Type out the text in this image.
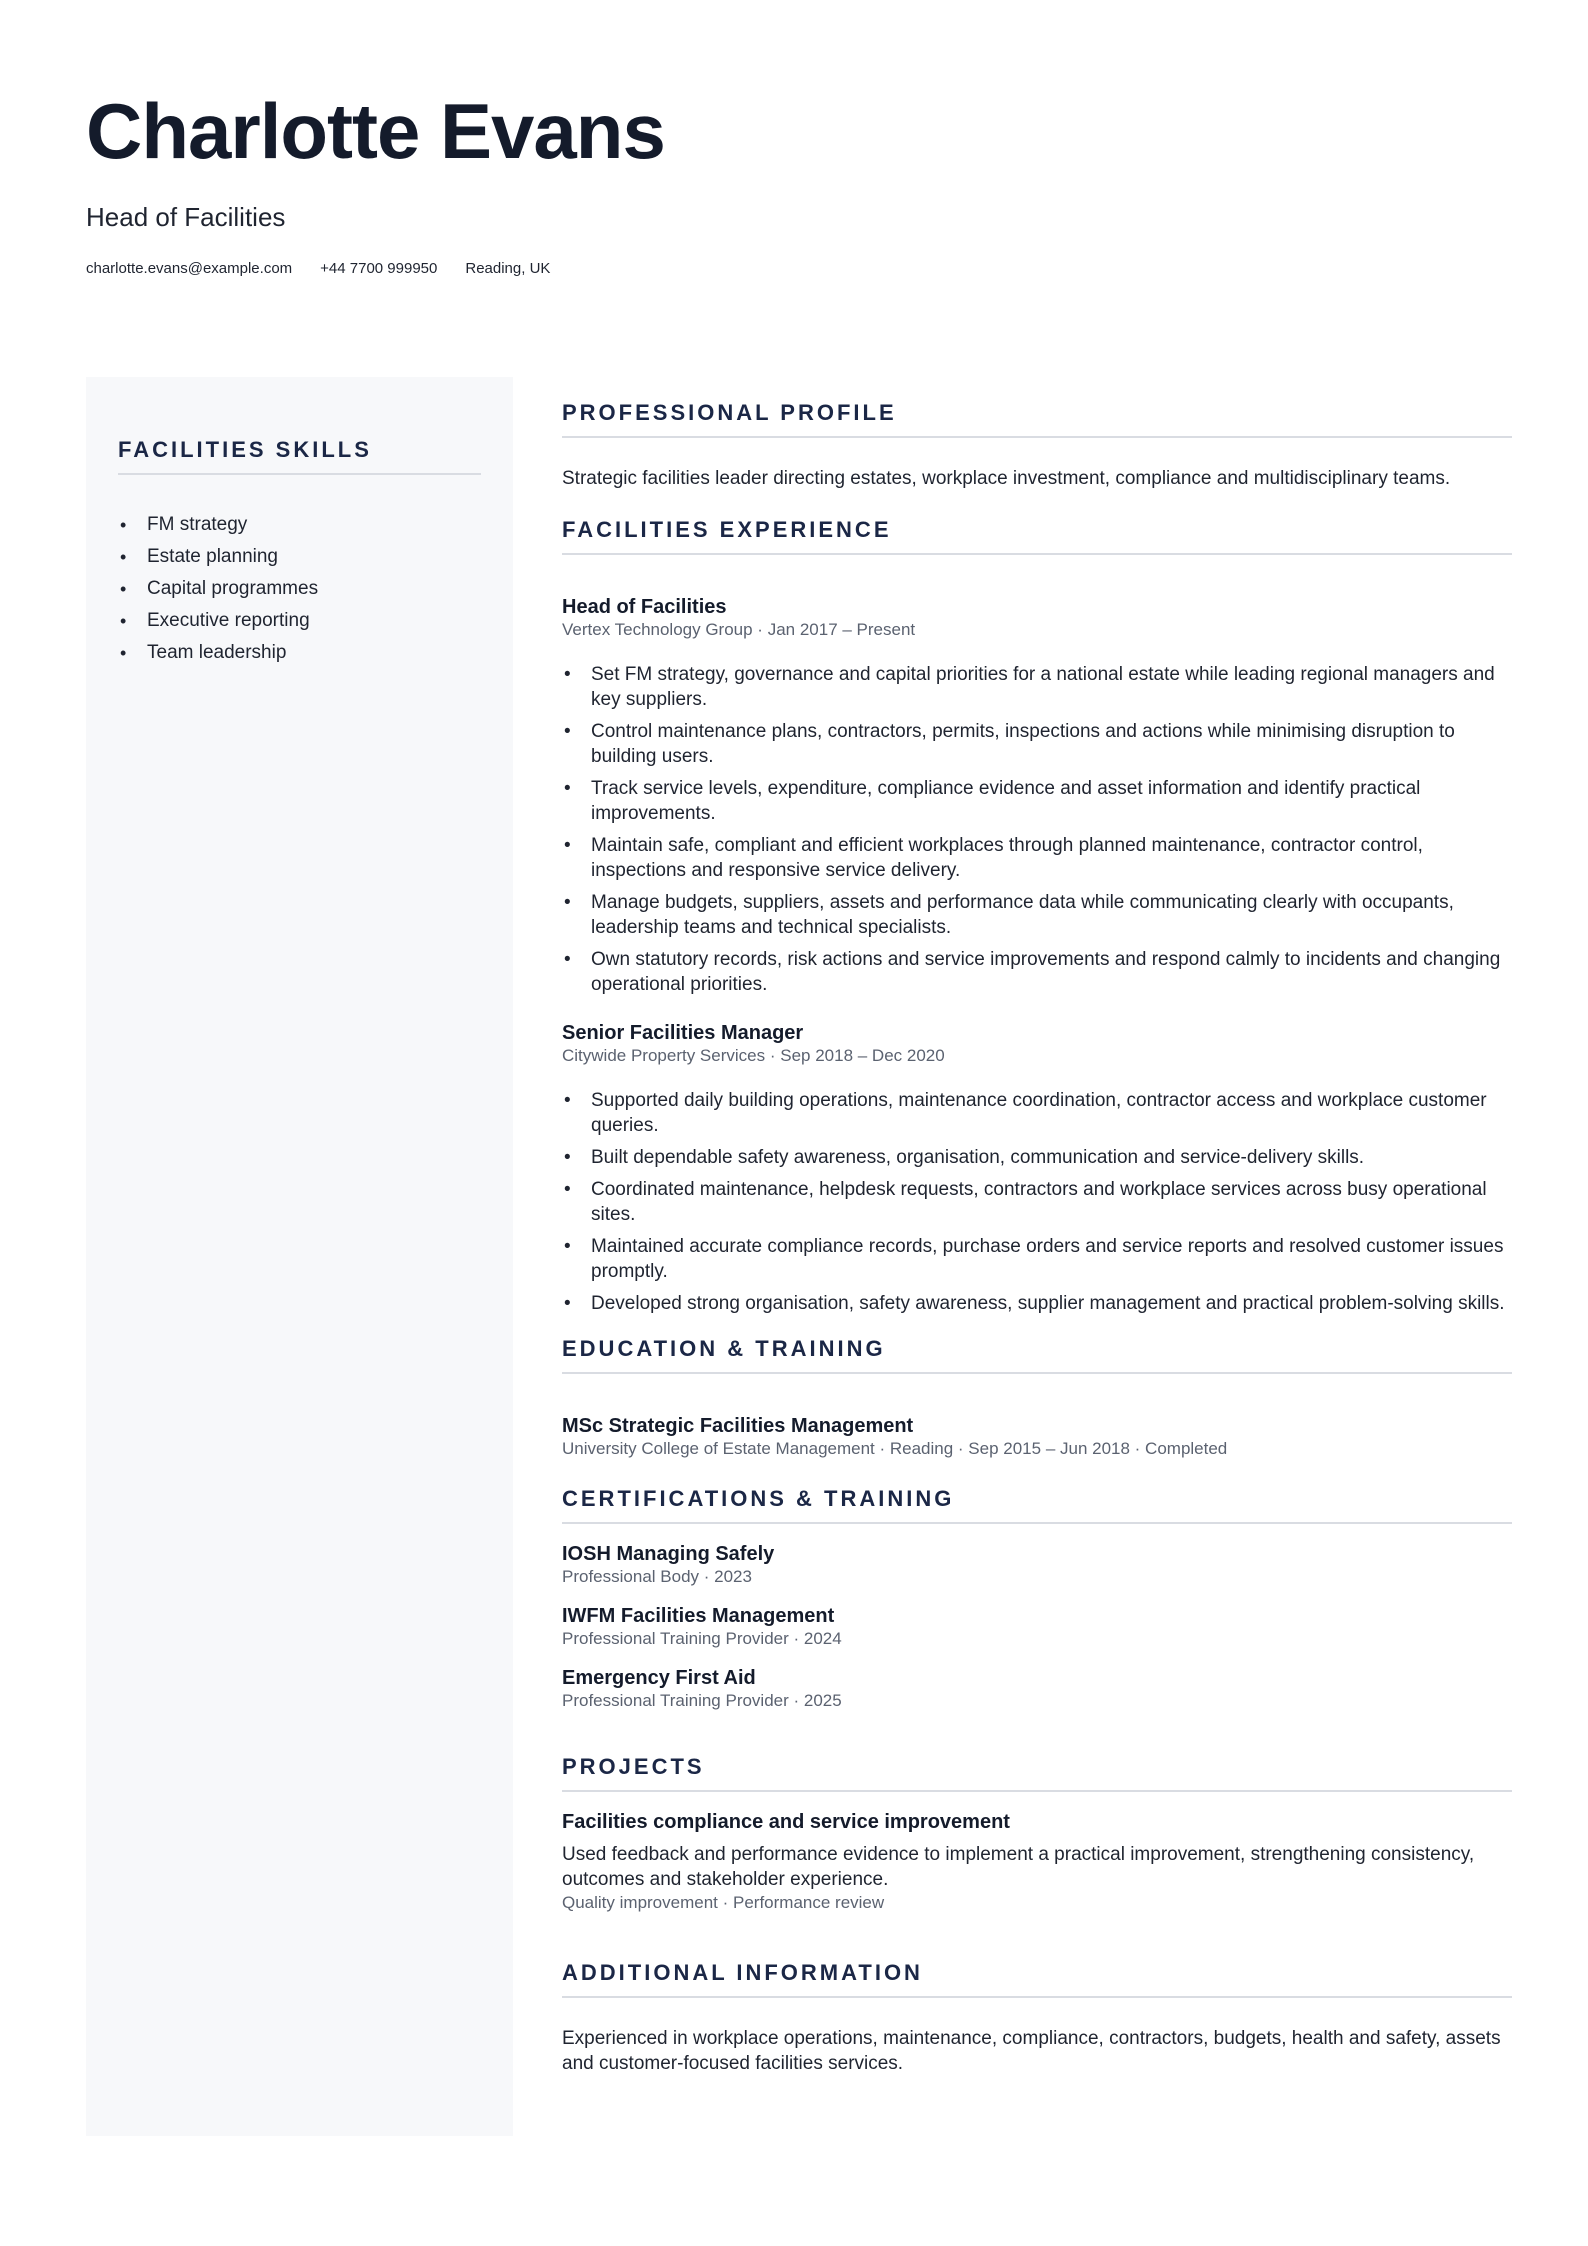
Charlotte Evans
Head of Facilities
charlotte.evans@example.com +44 7700 999950 Reading, UK
FACILITIES SKILLS
• FM strategy
• Estate planning
• Capital programmes
• Executive reporting
• Team leadership
PROFESSIONAL PROFILE

Strategic facilities leader directing estates, workplace investment, compliance and multidisciplinary teams.

FACILITIES EXPERIENCE
Head of Facilities

Vertex Technology Group · Jan 2017 – Present

• Set FM strategy, governance and capital priorities for a national estate while leading regional managers and key suppliers.
• Control maintenance plans, contractors, permits, inspections and actions while minimising disruption to building users.
• Track service levels, expenditure, compliance evidence and asset information and identify practical improvements.
• Maintain safe, compliant and efficient workplaces through planned maintenance, contractor control, inspections and responsive service delivery.
• Manage budgets, suppliers, assets and performance data while communicating clearly with occupants, leadership teams and technical specialists.
• Own statutory records, risk actions and service improvements and respond calmly to incidents and changing operational priorities.
Senior Facilities Manager

Citywide Property Services · Sep 2018 – Dec 2020

• Supported daily building operations, maintenance coordination, contractor access and workplace customer queries.
• Built dependable safety awareness, organisation, communication and service-delivery skills.
• Coordinated maintenance, helpdesk requests, contractors and workplace services across busy operational sites.
• Maintained accurate compliance records, purchase orders and service reports and resolved customer issues promptly.
• Developed strong organisation, safety awareness, supplier management and practical problem-solving skills.
EDUCATION & TRAINING
MSc Strategic Facilities Management

University College of Estate Management · Reading · Sep 2015 – Jun 2018 · Completed

CERTIFICATIONS & TRAINING
IOSH Managing Safely

Professional Body · 2023

IWFM Facilities Management

Professional Training Provider · 2024

Emergency First Aid

Professional Training Provider · 2025

PROJECTS
Facilities compliance and service improvement

Used feedback and performance evidence to implement a practical improvement, strengthening consistency, outcomes and stakeholder experience.

Quality improvement · Performance review
ADDITIONAL INFORMATION

Experienced in workplace operations, maintenance, compliance, contractors, budgets, health and safety, assets and customer-focused facilities services.
